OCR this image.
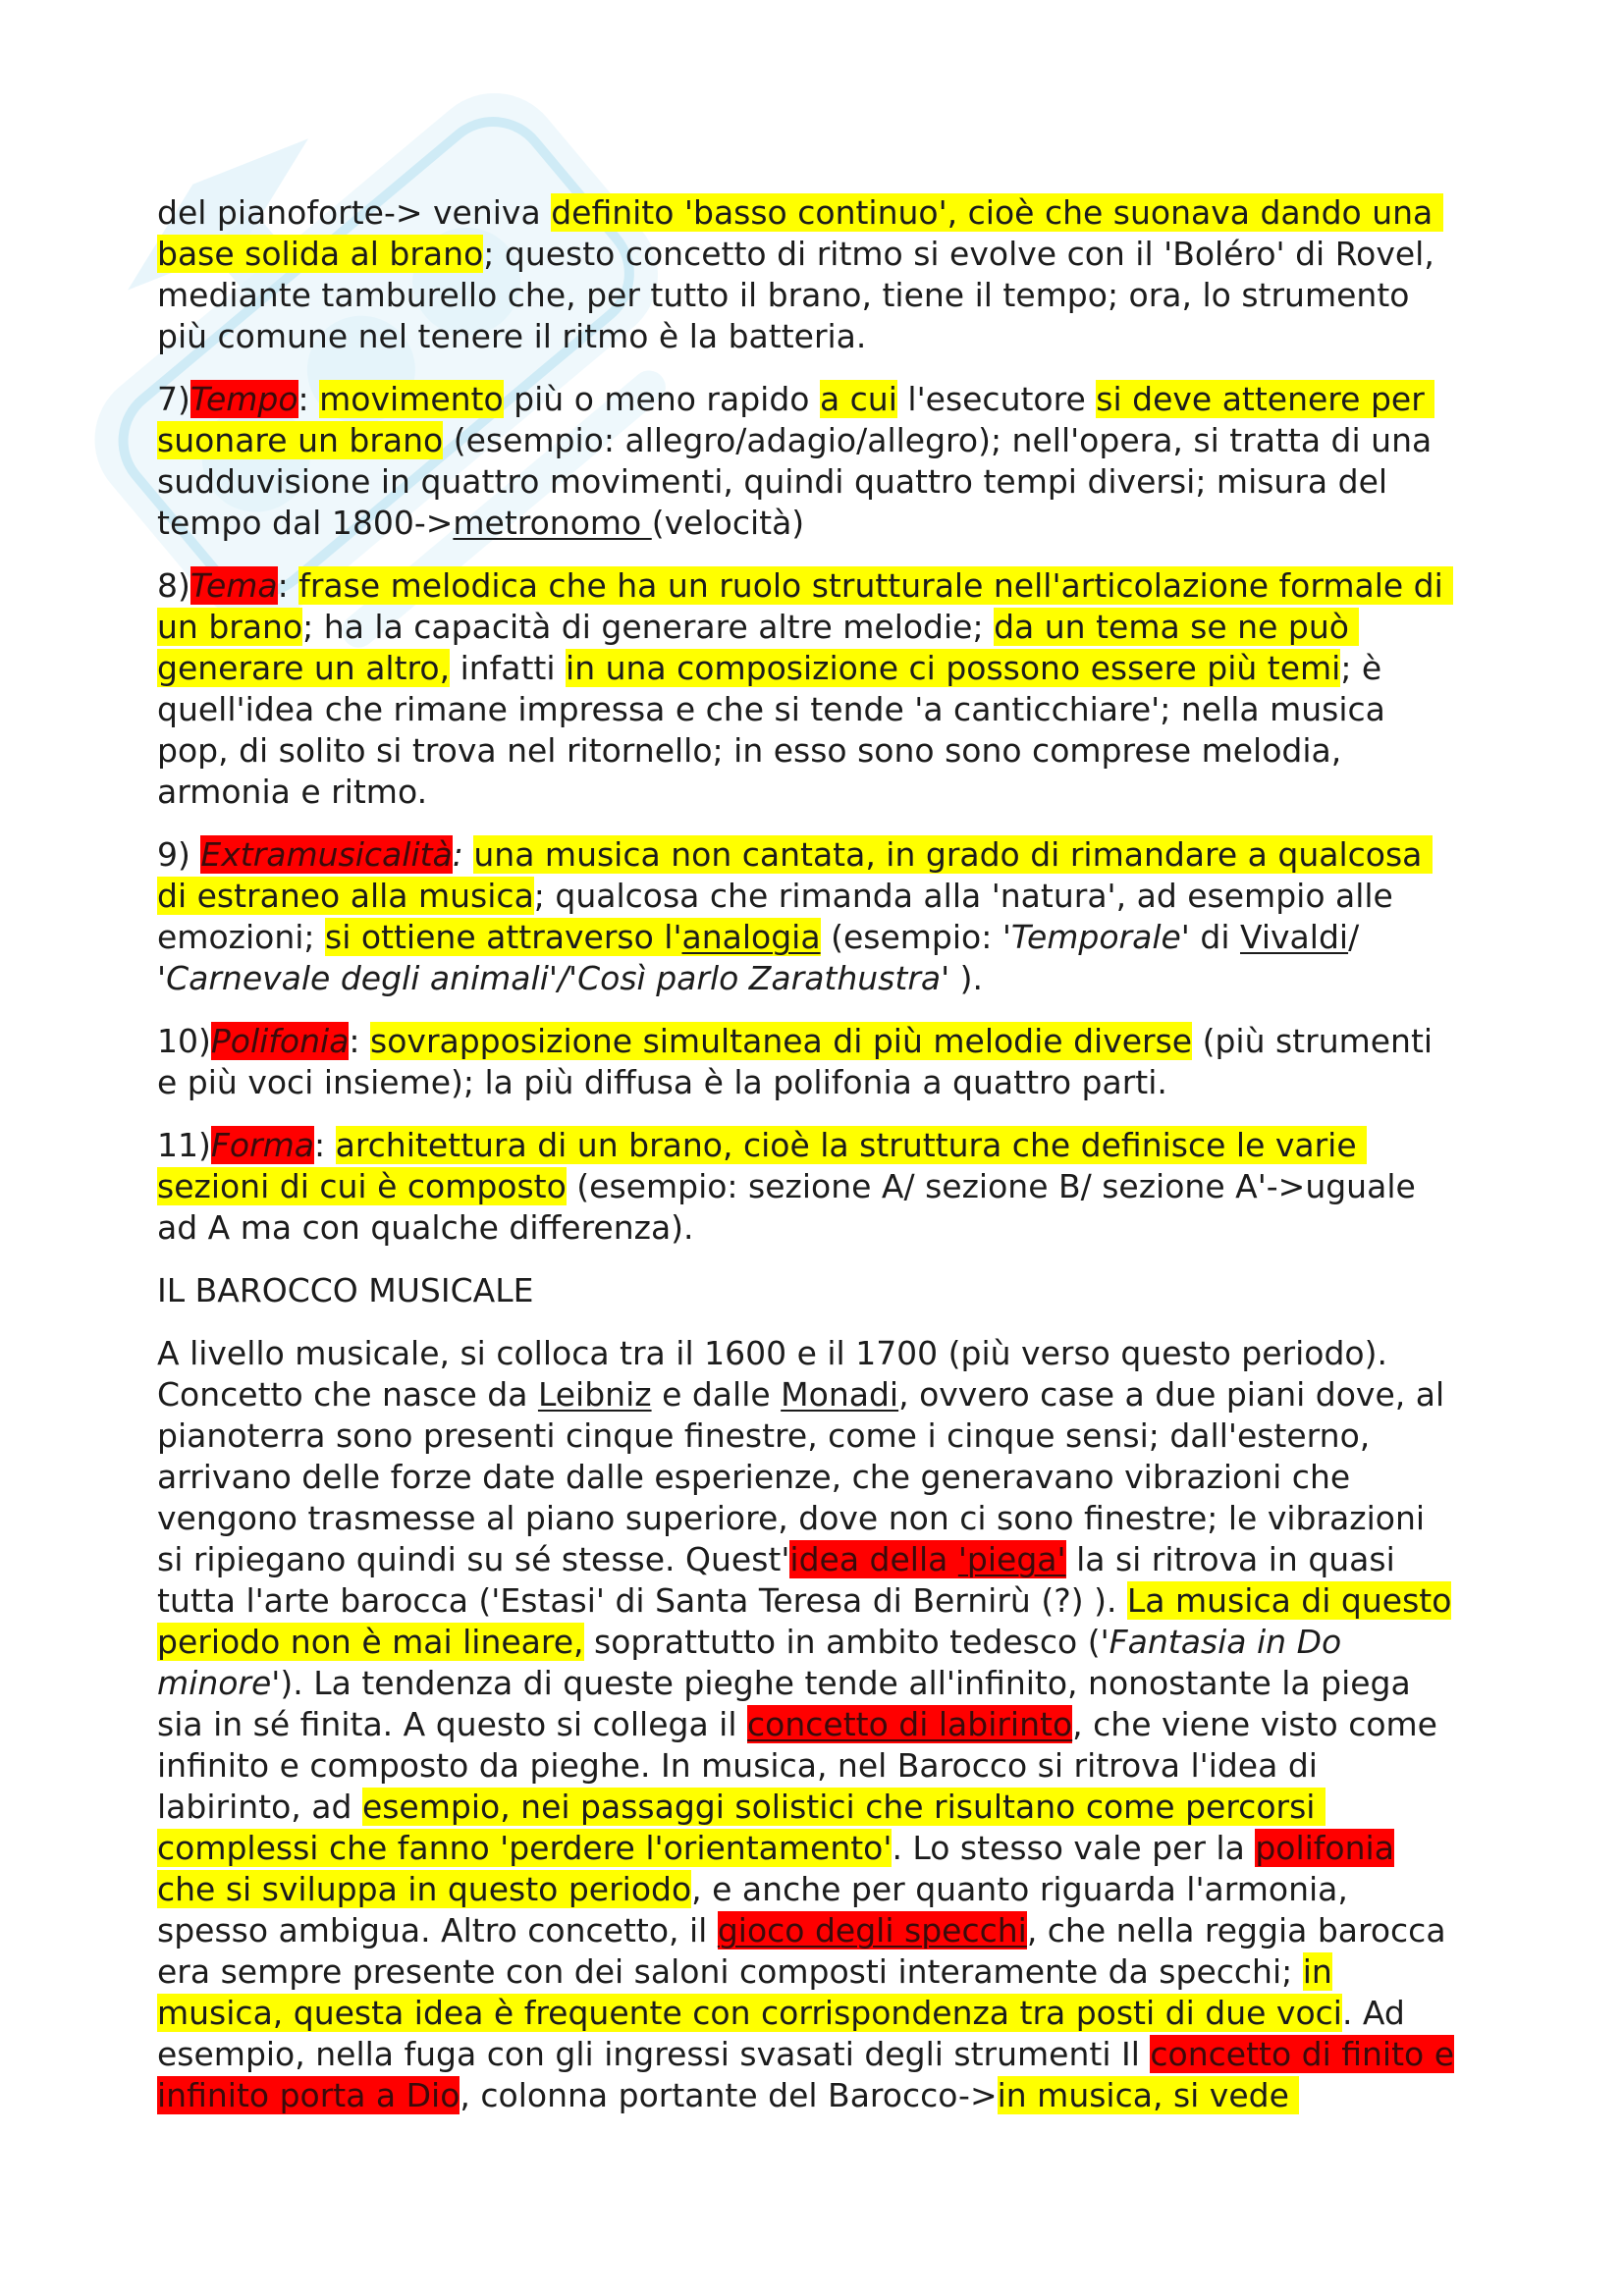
del pianoforte-> veniva definito 'basso continuo', cioè che suonava dando una
base solida al brano; questo concetto di ritmo si evolve con il 'Boléro' di Rovel,
mediante tamburello che, per tutto il brano, tiene il tempo; ora, lo strumento
più comune nel tenere il ritmo è la batteria.
7)Tempo: movimento più o meno rapido a cui l'esecutore si deve attenere per
suonare un brano (esempio: allegro/adagio/allegro); nell'opera, si tratta di una
sudduvisione in quattro movimenti, quindi quattro tempi diversi; misura del
tempo dal 1800->metronomo (velocità)
8)Tema: frase melodica che ha un ruolo strutturale nell'articolazione formale di
un brano; ha la capacità di generare altre melodie; da un tema se ne può
generare un altro, infatti in una composizione ci possono essere più temi; è
quell'idea che rimane impressa e che si tende 'a canticchiare'; nella musica
pop, di solito si trova nel ritornello; in esso sono sono comprese melodia,
armonia e ritmo.
9) Extramusicalità: una musica non cantata, in grado di rimandare a qualcosa
di estraneo alla musica; qualcosa che rimanda alla 'natura', ad esempio alle
emozioni; si ottiene attraverso l'analogia (esempio: 'Temporale' di Vivaldi/
'Carnevale degli animali'/'Così parlo Zarathustra' ).
10)Polifonia: sovrapposizione simultanea di più melodie diverse (più strumenti
e più voci insieme); la più diffusa è la polifonia a quattro parti.
11)Forma: architettura di un brano, cioè la struttura che definisce le varie
sezioni di cui è composto (esempio: sezione A/ sezione B/ sezione A'->uguale
ad A ma con qualche differenza).
IL BAROCCO MUSICALE
A livello musicale, si colloca tra il 1600 e il 1700 (più verso questo periodo).
Concetto che nasce da Leibniz e dalle Monadi, ovvero case a due piani dove, al
pianoterra sono presenti cinque finestre, come i cinque sensi; dall'esterno,
arrivano delle forze date dalle esperienze, che generavano vibrazioni che
vengono trasmesse al piano superiore, dove non ci sono finestre; le vibrazioni
si ripiegano quindi su sé stesse. Quest'idea della 'piega' la si ritrova in quasi
tutta l'arte barocca ('Estasi' di Santa Teresa di Bernirù (?) ). La musica di questo
periodo non è mai lineare, soprattutto in ambito tedesco ('Fantasia in Do
minore'). La tendenza di queste pieghe tende all'infinito, nonostante la piega
sia in sé finita. A questo si collega il concetto di labirinto, che viene visto come
infinito e composto da pieghe. In musica, nel Barocco si ritrova l'idea di
labirinto, ad esempio, nei passaggi solistici che risultano come percorsi
complessi che fanno 'perdere l'orientamento'. Lo stesso vale per la polifonia
che si sviluppa in questo periodo, e anche per quanto riguarda l'armonia,
spesso ambigua. Altro concetto, il gioco degli specchi, che nella reggia barocca
era sempre presente con dei saloni composti interamente da specchi; in
musica, questa idea è frequente con corrispondenza tra posti di due voci. Ad
esempio, nella fuga con gli ingressi svasati degli strumenti Il concetto di finito e
infinito porta a Dio, colonna portante del Barocco->in musica, si vede
